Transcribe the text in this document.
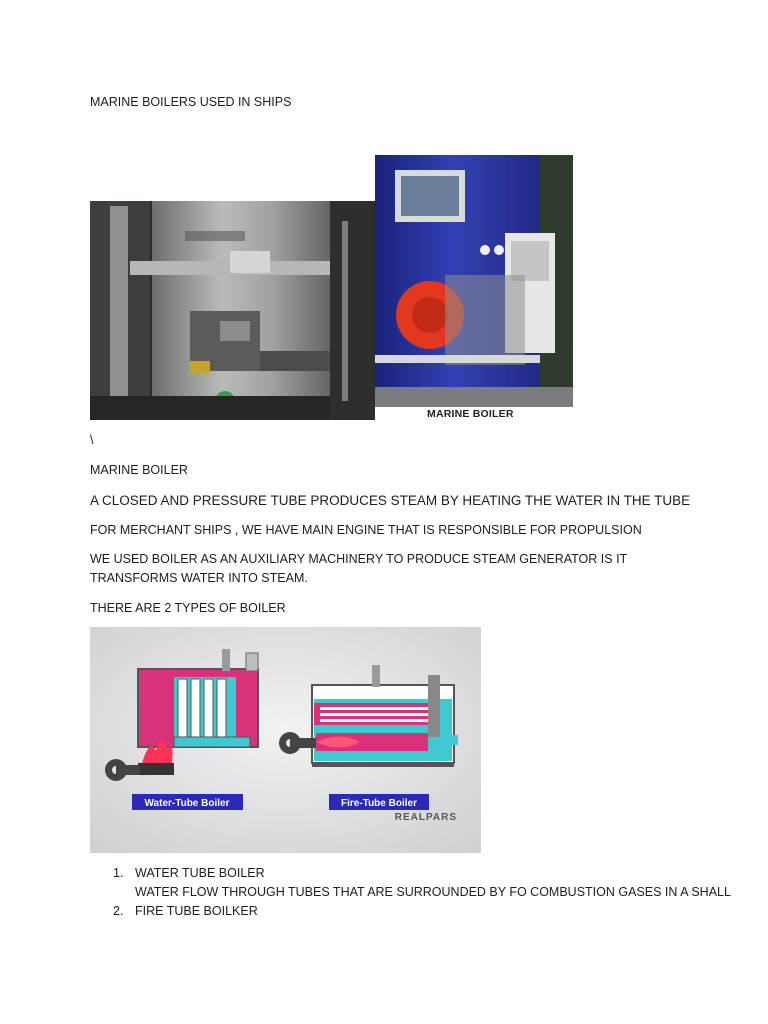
MARINE BOILERS USED IN SHIPS
MARINE BOILER
\
MARINE BOILER
A CLOSED AND PRESSURE TUBE PRODUCES STEAM BY HEATING THE WATER IN THE TUBE
FOR MERCHANT SHIPS , WE HAVE MAIN ENGINE THAT IS RESPONSIBLE FOR PROPULSION
WE USED BOILER AS AN AUXILIARY MACHINERY TO PRODUCE STEAM GENERATOR IS IT
TRANSFORMS WATER INTO STEAM.
THERE ARE 2 TYPES OF BOILER
Water-Tube Boiler	Fire-Tube Boiler
REALPARS
1. WATER TUBE BOILER
WATER FLOW THROUGH TUBES THAT ARE SURROUNDED BY FO COMBUSTION GASES IN A SHALL
2. FIRE TUBE BOILKER
